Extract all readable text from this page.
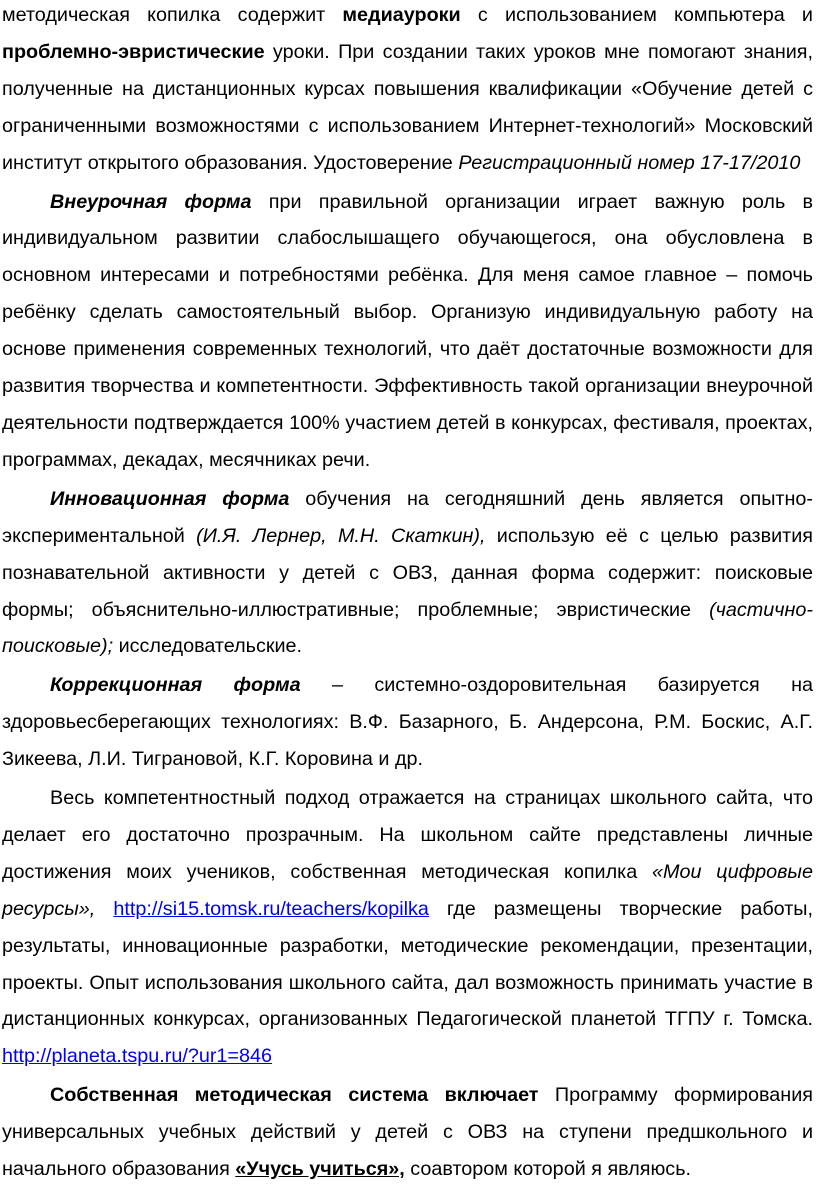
методическая копилка содержит медиауроки с использованием компьютера и проблемно-эвристические уроки. При создании таких уроков мне помогают знания, полученные на дистанционных курсах повышения квалификации «Обучение детей с ограниченными возможностями с использованием Интернет-технологий» Московский институт открытого образования. Удостоверение Регистрационный номер 17-17/2010

Внеурочная форма при правильной организации играет важную роль в индивидуальном развитии слабослышащего обучающегося, она обусловлена в основном интересами и потребностями ребёнка. Для меня самое главное – помочь ребёнку сделать самостоятельный выбор. Организую индивидуальную работу на основе применения современных технологий, что даёт достаточные возможности для развития творчества и компетентности. Эффективность такой организации внеурочной деятельности подтверждается 100% участием детей в конкурсах, фестиваля, проектах, программах, декадах, месячниках речи.

Инновационная форма обучения на сегодняшний день является опытно-экспериментальной (И.Я. Лернер, М.Н. Скаткин), использую её с целью развития познавательной активности у детей с ОВЗ, данная форма содержит: поисковые формы; объяснительно-иллюстративные; проблемные; эвристические (частично-поисковые); исследовательские.

Коррекционная форма – системно-оздоровительная базируется на здоровьесберегающих технологиях: В.Ф. Базарного, Б. Андерсона, Р.М. Боскис, А.Г. Зикеева, Л.И. Тиграновой, К.Г. Коровина и др.

Весь компетентностный подход отражается на страницах школьного сайта, что делает его достаточно прозрачным. На школьном сайте представлены личные достижения моих учеников, собственная методическая копилка «Мои цифровые ресурсы», http://si15.tomsk.ru/teachers/kopilka где размещены творческие работы, результаты, инновационные разработки, методические рекомендации, презентации, проекты. Опыт использования школьного сайта, дал возможность принимать участие в дистанционных конкурсах, организованных Педагогической планетой ТГПУ г. Томска. http://planeta.tspu.ru/?ur1=846

Собственная методическая система включает Программу формирования универсальных учебных действий у детей с ОВЗ на ступени предшкольного и начального образования «Учусь учиться», соавтором которой я являюсь.
